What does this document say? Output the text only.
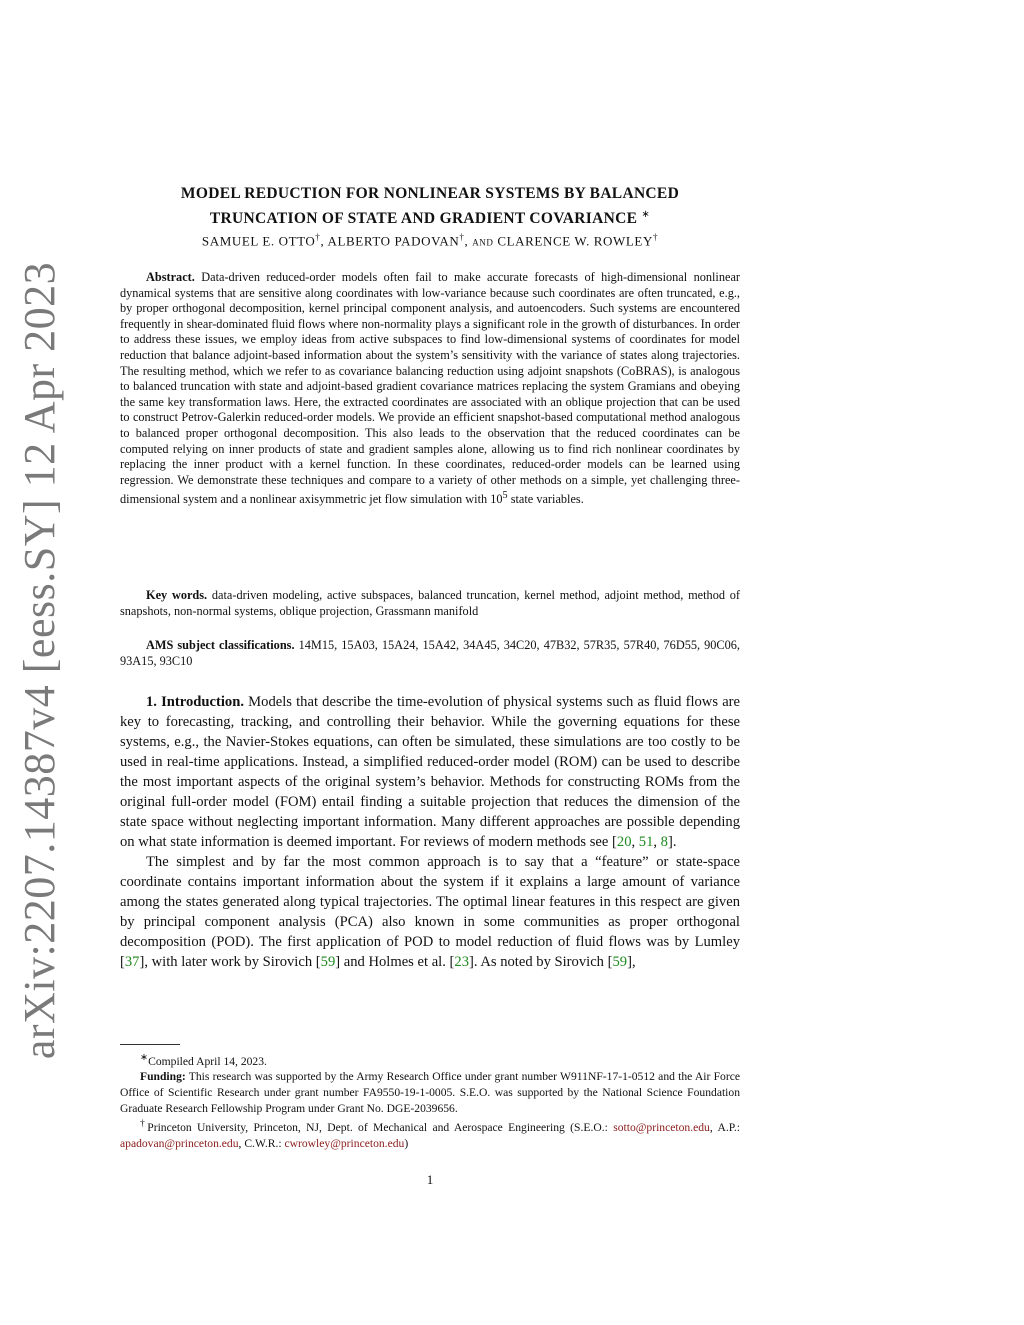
arXiv:2207.14387v4 [eess.SY] 12 Apr 2023
MODEL REDUCTION FOR NONLINEAR SYSTEMS BY BALANCED
TRUNCATION OF STATE AND GRADIENT COVARIANCE ∗
SAMUEL E. OTTO†, ALBERTO PADOVAN†, and CLARENCE W. ROWLEY†
Abstract. Data-driven reduced-order models often fail to make accurate forecasts of high-dimensional nonlinear dynamical systems that are sensitive along coordinates with low-variance because such coordinates are often truncated, e.g., by proper orthogonal decomposition, kernel principal component analysis, and autoencoders. Such systems are encountered frequently in shear-dominated fluid flows where non-normality plays a significant role in the growth of disturbances. In order to address these issues, we employ ideas from active subspaces to find low-dimensional systems of coordinates for model reduction that balance adjoint-based information about the system’s sensitivity with the variance of states along trajectories. The resulting method, which we refer to as covariance balancing reduction using adjoint snapshots (CoBRAS), is analogous to balanced truncation with state and adjoint-based gradient covariance matrices replacing the system Gramians and obeying the same key transformation laws. Here, the extracted coordinates are associated with an oblique projection that can be used to construct Petrov-Galerkin reduced-order models. We provide an efficient snapshot-based computational method analogous to balanced proper orthogonal decomposition. This also leads to the observation that the reduced coordinates can be computed relying on inner products of state and gradient samples alone, allowing us to find rich nonlinear coordinates by replacing the inner product with a kernel function. In these coordinates, reduced-order models can be learned using regression. We demonstrate these techniques and compare to a variety of other methods on a simple, yet challenging three-dimensional system and a nonlinear axisymmetric jet flow simulation with $10^5$ state variables.
Key words. data-driven modeling, active subspaces, balanced truncation, kernel method, adjoint method, method of snapshots, non-normal systems, oblique projection, Grassmann manifold
AMS subject classifications. 14M15, 15A03, 15A24, 15A42, 34A45, 34C20, 47B32, 57R35, 57R40, 76D55, 90C06, 93A15, 93C10

1. Introduction. Models that describe the time-evolution of physical systems such as fluid flows are key to forecasting, tracking, and controlling their behavior. While the governing equations for these systems, e.g., the Navier-Stokes equations, can often be simulated, these simulations are too costly to be used in real-time applications. Instead, a simplified reduced-order model (ROM) can be used to describe the most important aspects of the original system’s behavior. Methods for constructing ROMs from the original full-order model (FOM) entail finding a suitable projection that reduces the dimension of the state space without neglecting important information. Many different approaches are possible depending on what state information is deemed important. For reviews of modern methods see [20, 51, 8].

The simplest and by far the most common approach is to say that a “feature” or state-space coordinate contains important information about the system if it explains a large amount of variance among the states generated along typical trajectories. The optimal linear features in this respect are given by principal component analysis (PCA) also known in some communities as proper orthogonal decomposition (POD). The first application of POD to model reduction of fluid flows was by Lumley [37], with later work by Sirovich [59] and Holmes et al. [23]. As noted by Sirovich [59],

∗Compiled April 14, 2023.

Funding: This research was supported by the Army Research Office under grant number W911NF-17-1-0512 and the Air Force Office of Scientific Research under grant number FA9550-19-1-0005. S.E.O. was supported by the National Science Foundation Graduate Research Fellowship Program under Grant No. DGE-2039656.

†Princeton University, Princeton, NJ, Dept. of Mechanical and Aerospace Engineering (S.E.O.: sotto@princeton.edu, A.P.: apadovan@princeton.edu, C.W.R.: cwrowley@princeton.edu)

1
